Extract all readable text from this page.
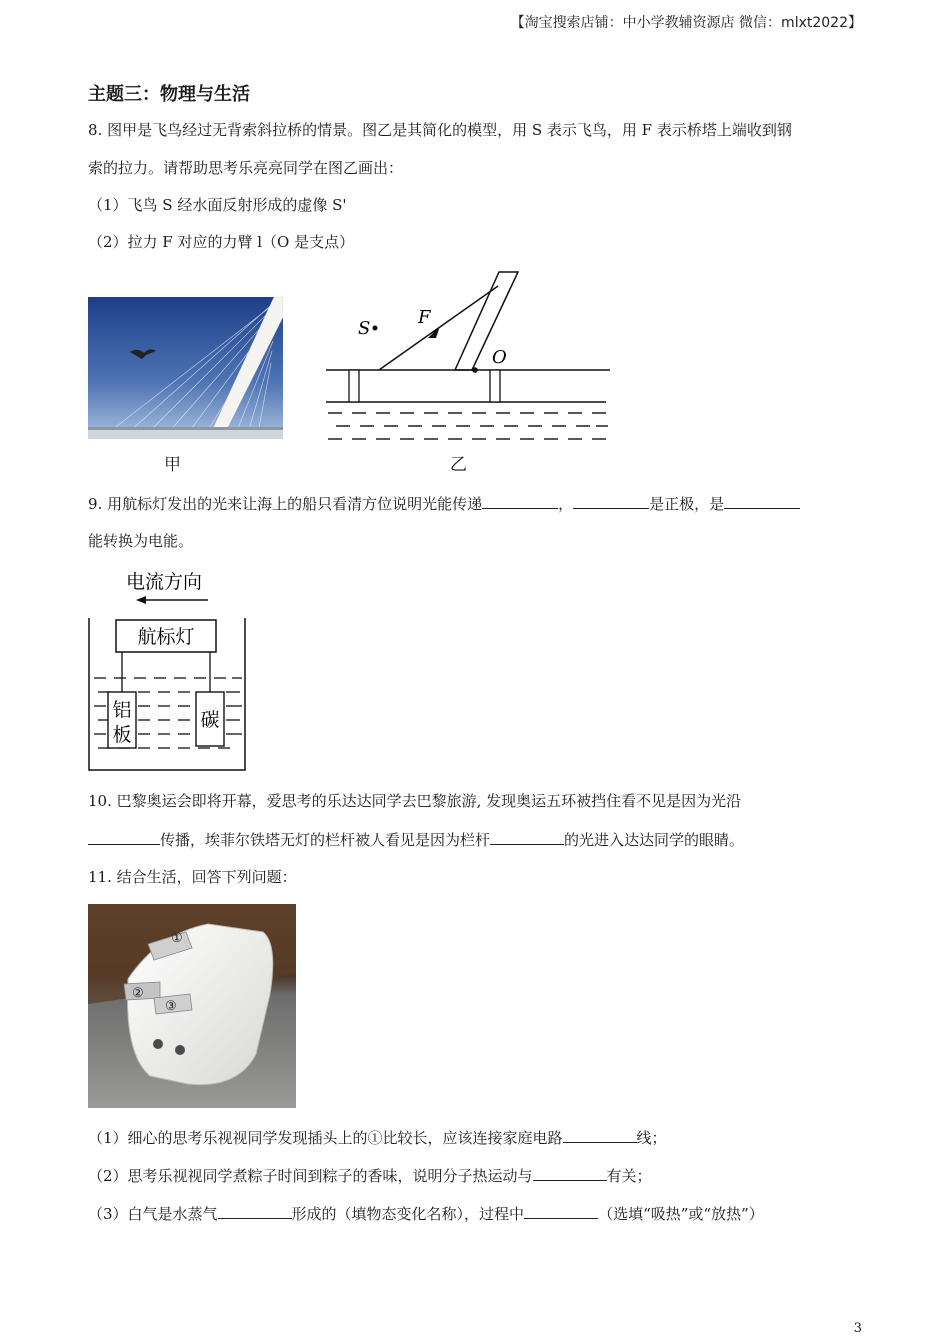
【淘宝搜索店铺：中小学教辅资源店 微信：mlxt2022】
主题三：物理与生活
8. 图甲是飞鸟经过无背索斜拉桥的情景。图乙是其简化的模型，用 S 表示飞鸟，用 F 表示桥塔上端收到钢
索的拉力。请帮助思考乐亮亮同学在图乙画出：
（1）飞鸟 S 经水面反射形成的虚像 S'
（2）拉力 F 对应的力臂 l（O 是支点）
甲
F
S
O
乙
9. 用航标灯发出的光来让海上的船只看清方位说明光能传递	，	是正极，是
能转换为电能。
电流方向
航标灯
铝
板
碳
10. 巴黎奥运会即将开幕，爱思考的乐达达同学去巴黎旅游, 发现奥运五环被挡住看不见是因为光沿
传播，埃菲尔铁塔无灯的栏杆被人看见是因为栏杆	的光进入达达同学的眼睛。
11. 结合生活，回答下列问题：
①
②
③
（1）细心的思考乐视视同学发现插头上的①比较长，应该连接家庭电路	线；
（2）思考乐视视同学煮粽子时间到粽子的香味，说明分子热运动与	有关；
（3）白气是水蒸气	形成的（填物态变化名称），过程中	（选填“吸热”或“放热”）
3
